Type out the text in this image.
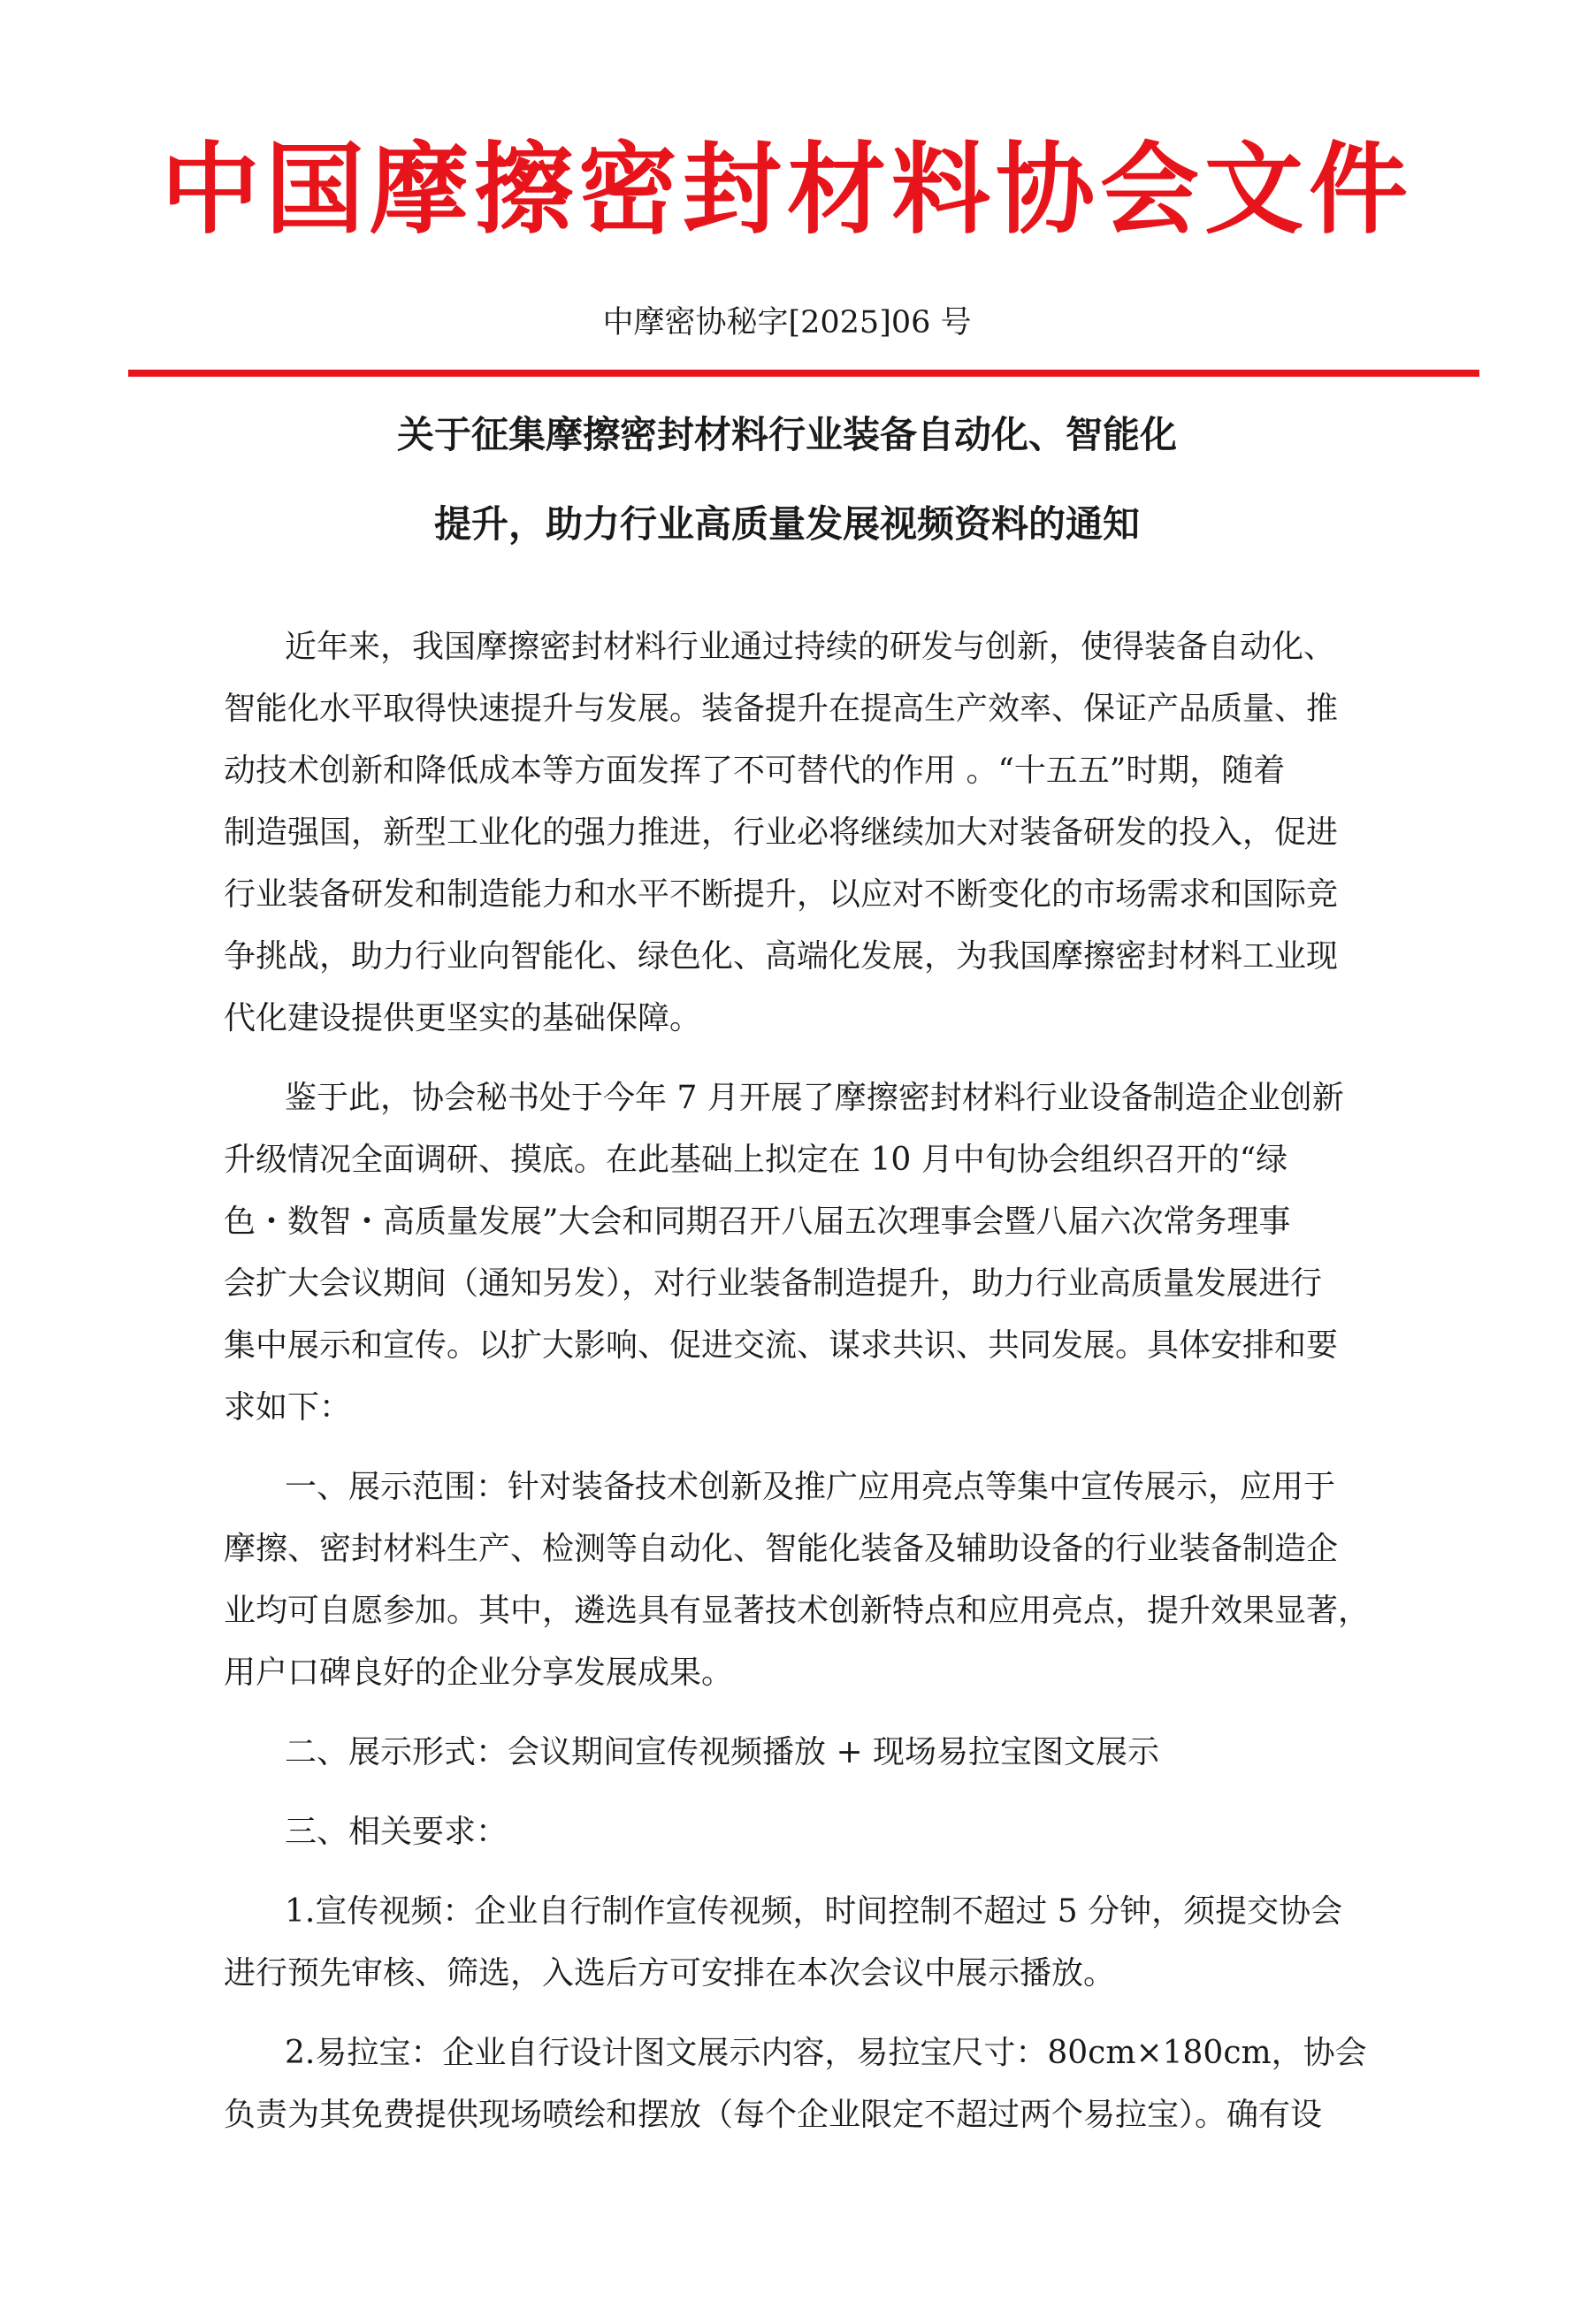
中国摩擦密封材料协会文件
中摩密协秘字[2025]06 号
关于征集摩擦密封材料行业装备自动化、智能化
提升，助力行业高质量发展视频资料的通知
近年来，我国摩擦密封材料行业通过持续的研发与创新，使得装备自动化、
智能化水平取得快速提升与发展。装备提升在提高生产效率、保证产品质量、推
动技术创新和降低成本等方面发挥了不可替代的作用 。“十五五”时期，随着
制造强国，新型工业化的强力推进，行业必将继续加大对装备研发的投入，促进
行业装备研发和制造能力和水平不断提升，以应对不断变化的市场需求和国际竞
争挑战，助力行业向智能化、绿色化、高端化发展，为我国摩擦密封材料工业现
代化建设提供更坚实的基础保障。
鉴于此，协会秘书处于今年 7 月开展了摩擦密封材料行业设备制造企业创新
升级情况全面调研、摸底。在此基础上拟定在 10 月中旬协会组织召开的“绿
色・数智・高质量发展”大会和同期召开八届五次理事会暨八届六次常务理事
会扩大会议期间（通知另发），对行业装备制造提升，助力行业高质量发展进行
集中展示和宣传。以扩大影响、促进交流、谋求共识、共同发展。具体安排和要
求如下：
一、展示范围：针对装备技术创新及推广应用亮点等集中宣传展示，应用于
摩擦、密封材料生产、检测等自动化、智能化装备及辅助设备的行业装备制造企
业均可自愿参加。其中，遴选具有显著技术创新特点和应用亮点，提升效果显著，
用户口碑良好的企业分享发展成果。
二、展示形式：会议期间宣传视频播放 + 现场易拉宝图文展示
三、相关要求：
1.宣传视频：企业自行制作宣传视频，时间控制不超过 5 分钟，须提交协会
进行预先审核、筛选，入选后方可安排在本次会议中展示播放。
2.易拉宝：企业自行设计图文展示内容，易拉宝尺寸：80cm×180cm，协会
负责为其免费提供现场喷绘和摆放（每个企业限定不超过两个易拉宝）。确有设
